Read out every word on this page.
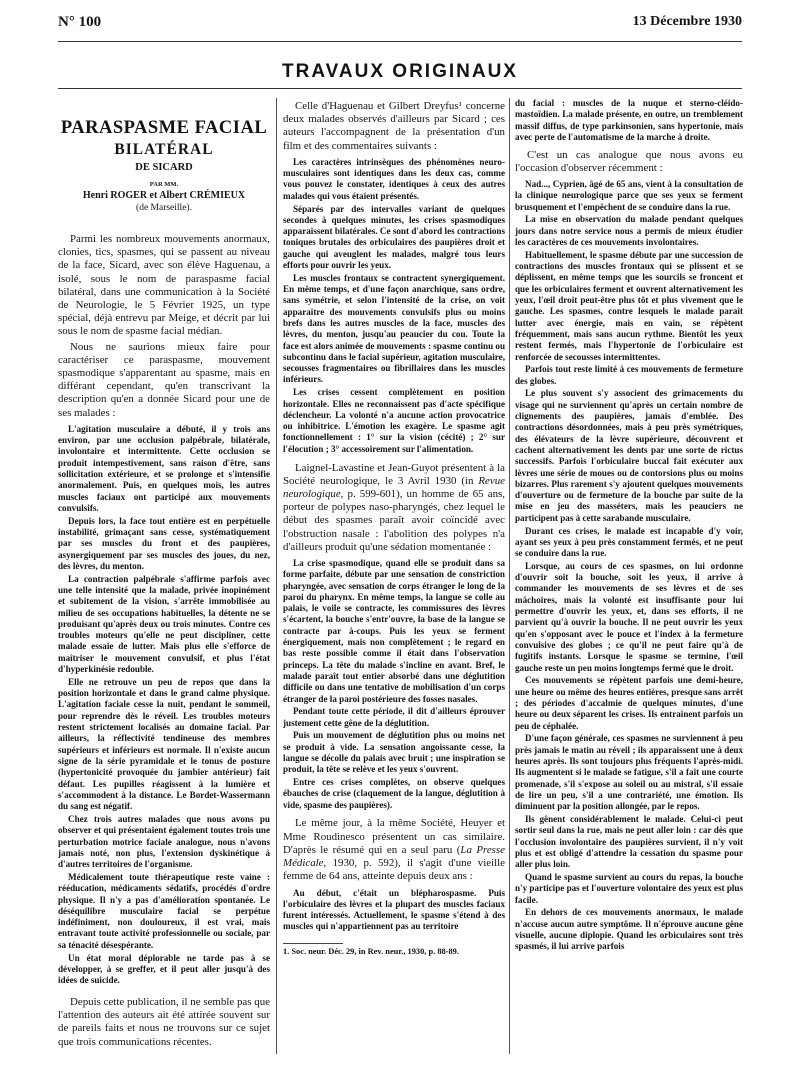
N° 100	13 Décembre 1930
TRAVAUX ORIGINAUX
PARASPASME FACIAL
BILATÉRAL
DE SICARD
PAR MM.
Henri ROGER et Albert CRÉMIEUX
(de Marseille).

Parmi les nombreux mouvements anormaux, clonies, tics, spasmes, qui se passent au niveau de la face, Sicard, avec son élève Haguenau, a isolé, sous le nom de paraspasme facial bilatéral, dans une communication à la Société de Neurologie, le 5 Février 1925, un type spécial, déjà entrevu par Meige, et décrit par lui sous le nom de spasme facial médian.

Nous ne saurions mieux faire pour caractériser ce paraspasme, mouvement spasmodique s'apparentant au spasme, mais en différant cependant, qu'en transcrivant la description qu'en a donnée Sicard pour une de ses malades :

L'agitation musculaire a débuté, il y trois ans environ, par une occlusion palpébrale, bilatérale, involontaire et intermittente. Cette occlusion se produit intempestivement, sans raison d'être, sans sollicitation extérieure, et se prolonge et s'intensifie anormalement. Puis, en quelques mois, les autres muscles faciaux ont participé aux mouvements convulsifs.

Depuis lors, la face tout entière est en perpétuelle instabilité, grimaçant sans cesse, systématiquement par ses muscles du front et des paupières, asynergiquement par ses muscles des joues, du nez, des lèvres, du menton.

La contraction palpébrale s'affirme parfois avec une telle intensité que la malade, privée inopinément et subitement de la vision, s'arrête immobilisée au milieu de ses occupations habituelles, la détente ne se produisant qu'après deux ou trois minutes. Contre ces troubles moteurs qu'elle ne peut discipliner, cette malade essaie de lutter. Mais plus elle s'efforce de maîtriser le mouvement convulsif, et plus l'état d'hyperkinésie redouble.

Elle ne retrouve un peu de repos que dans la position horizontale et dans le grand calme physique. L'agitation faciale cesse la nuit, pendant le sommeil, pour reprendre dès le réveil. Les troubles moteurs restent strictement localisés au domaine facial. Par ailleurs, la réflectivité tendineuse des membres supérieurs et inférieurs est normale. Il n'existe aucun signe de la série pyramidale et le tonus de posture (hypertonicité provoquée du jambier antérieur) fait défaut. Les pupilles réagissent à la lumière et s'accommodent à la distance. Le Bordet-Wassermann du sang est négatif.

Chez trois autres malades que nous avons pu observer et qui présentaient également toutes trois une perturbation motrice faciale analogue, nous n'avons jamais noté, non plus, l'extension dyskinétique à d'autres territoires de l'organisme.

Médicalement toute thérapeutique reste vaine : rééducation, médicaments sédatifs, procédés d'ordre physique. Il n'y a pas d'amélioration spontanée. Le déséquilibre musculaire facial se perpétue indéfiniment, non douloureux, il est vrai, mais entravant toute activité professionnelle ou sociale, par sa ténacité désespérante.

Un état moral déplorable ne tarde pas à se développer, à se greffer, et il peut aller jusqu'à des idées de suicide.

Depuis cette publication, il ne semble pas que l'attention des auteurs ait été attirée souvent sur de pareils faits et nous ne trouvons sur ce sujet que trois communications récentes.

Celle d'Haguenau et Gilbert Dreyfus¹ concerne deux malades observés d'ailleurs par Sicard ; ces auteurs l'accompagnent de la présentation d'un film et des commentaires suivants :

Les caractères intrinsèques des phénomènes neuro-musculaires sont identiques dans les deux cas, comme vous pouvez le constater, identiques à ceux des autres malades qui vous étaient présentés.

Séparés par des intervalles variant de quelques secondes à quelques minutes, les crises spasmodiques apparaissent bilatérales. Ce sont d'abord les contractions toniques brutales des orbiculaires des paupières droit et gauche qui aveuglent les malades, malgré tous leurs efforts pour ouvrir les yeux.

Les muscles frontaux se contractent synergiquement. En même temps, et d'une façon anarchique, sans ordre, sans symétrie, et selon l'intensité de la crise, on voit apparaître des mouvements convulsifs plus ou moins brefs dans les autres muscles de la face, muscles des lèvres, du menton, jusqu'au peaucier du cou. Toute la face est alors animée de mouvements : spasme continu ou subcontinu dans le facial supérieur, agitation musculaire, secousses fragmentaires ou fibrillaires dans les muscles inférieurs.

Les crises cessent complètement en position horizontale. Elles ne reconnaissent pas d'acte spécifique déclencheur. La volonté n'a aucune action provocatrice ou inhibitrice. L'émotion les exagère. Le spasme agit fonctionnellement : 1° sur la vision (cécité) ; 2° sur l'élocution ; 3° accessoirement sur l'alimentation.

Laignel-Lavastine et Jean-Guyot présentent à la Société neurologique, le 3 Avril 1930 (in Revue neurologique, p. 599-601), un homme de 65 ans, porteur de polypes naso-pharyngés, chez lequel le début des spasmes paraît avoir coïncidé avec l'obstruction nasale : l'abolition des polypes n'a d'ailleurs produit qu'une sédation momentanée :

La crise spasmodique, quand elle se produit dans sa forme parfaite, débute par une sensation de constriction pharyngée, avec sensation de corps étranger le long de la paroi du pharynx. En même temps, la langue se colle au palais, le voile se contracte, les commissures des lèvres s'écartent, la bouche s'entr'ouvre, la base de la langue se contracte par à-coups. Puis les yeux se ferment énergiquement, mais non complètement ; le regard en bas reste possible comme il était dans l'observation princeps. La tête du malade s'incline en avant. Bref, le malade paraît tout entier absorbé dans une déglutition difficile ou dans une tentative de mobilisation d'un corps étranger de la paroi postérieure des fosses nasales.

Pendant toute cette période, il dit d'ailleurs éprouver justement cette gêne de la déglutition.

Puis un mouvement de déglutition plus ou moins net se produit à vide. La sensation angoissante cesse, la langue se décolle du palais avec bruit ; une inspiration se produit, la tête se relève et les yeux s'ouvrent.

Entre ces crises complètes, on observe quelques ébauches de crise (claquement de la langue, déglutition à vide, spasme des paupières).

Le même jour, à la même Société, Heuyer et Mme Roudinesco présentent un cas similaire. D'après le résumé qui en a seul paru (La Presse Médicale, 1930, p. 592), il s'agit d'une vieille femme de 64 ans, atteinte depuis deux ans :

Au début, c'était un blépharospasme. Puis l'orbiculaire des lèvres et la plupart des muscles faciaux furent intéressés. Actuellement, le spasme s'étend à des muscles qui n'appartiennent pas au territoire

1. Soc. neur. Déc. 29, in Rev. neur., 1930, p. 88-89.

du facial : muscles de la nuque et sterno-cléido-mastoïdien. La malade présente, en outre, un tremblement massif diffus, de type parkinsonien, sans hypertonie, mais avec perte de l'automatisme de la marche à droite.

C'est un cas analogue que nous avons eu l'occasion d'observer récemment :

Nad..., Cyprien, âgé de 65 ans, vient à la consultation de la clinique neurologique parce que ses yeux se ferment brusquement et l'empêchent de se conduire dans la rue.

La mise en observation du malade pendant quelques jours dans notre service nous a permis de mieux étudier les caractères de ces mouvements involontaires.

Habituellement, le spasme débute par une succession de contractions des muscles frontaux qui se plissent et se déplissent, en même temps que les sourcils se froncent et que les orbiculaires ferment et ouvrent alternativement les yeux, l'œil droit peut-être plus tôt et plus vivement que le gauche. Les spasmes, contre lesquels le malade paraît lutter avec énergie, mais en vain, se répètent fréquemment, mais sans aucun rythme. Bientôt les yeux restent fermés, mais l'hypertonie de l'orbiculaire est renforcée de secousses intermittentes.

Parfois tout reste limité à ces mouvements de fermeture des globes.

Le plus souvent s'y associent des grimacements du visage qui ne surviennent qu'après un certain nombre de clignements des paupières, jamais d'emblée. Des contractions désordonnées, mais à peu près symétriques, des élévateurs de la lèvre supérieure, découvrent et cachent alternativement les dents par une sorte de rictus successifs. Parfois l'orbiculaire buccal fait exécuter aux lèvres une série de moues ou de contorsions plus ou moins bizarres. Plus rarement s'y ajoutent quelques mouvements d'ouverture ou de fermeture de la bouche par suite de la mise en jeu des masséters, mais les peauciers ne participent pas à cette sarabande musculaire.

Durant ces crises, le malade est incapable d'y voir, ayant ses yeux à peu près constamment fermés, et ne peut se conduire dans la rue.

Lorsque, au cours de ces spasmes, on lui ordonne d'ouvrir soit la bouche, soit les yeux, il arrive à commander les mouvements de ses lèvres et de ses mâchoires, mais la volonté est insuffisante pour lui permettre d'ouvrir les yeux, et, dans ses efforts, il ne parvient qu'à ouvrir la bouche. Il ne peut ouvrir les yeux qu'en s'opposant avec le pouce et l'index à la fermeture convulsive des globes ; ce qu'il ne peut faire qu'à de fugitifs instants. Lorsque le spasme se termine, l'œil gauche reste un peu moins longtemps fermé que le droit.

Ces mouvements se répètent parfois une demi-heure, une heure ou même des heures entières, presque sans arrêt ; des périodes d'accalmie de quelques minutes, d'une heure ou deux séparent les crises. Ils entraînent parfois un peu de céphalée.

D'une façon générale, ces spasmes ne surviennent à peu près jamais le matin au réveil ; ils apparaissent une à deux heures après. Ils sont toujours plus fréquents l'après-midi. Ils augmentent si le malade se fatigue, s'il a fait une courte promenade, s'il s'expose au soleil ou au mistral, s'il essaie de lire un peu, s'il a une contrariété, une émotion. Ils diminuent par la position allongée, par le repos.

Ils gênent considérablement le malade. Celui-ci peut sortir seul dans la rue, mais ne peut aller loin : car dès que l'occlusion involontaire des paupières survient, il n'y voit plus et est obligé d'attendre la cessation du spasme pour aller plus loin.

Quand le spasme survient au cours du repas, la bouche n'y participe pas et l'ouverture volontaire des yeux est plus facile.

En dehors de ces mouvements anormaux, le malade n'accuse aucun autre symptôme. Il n'éprouve aucune gêne visuelle, aucune diplopie. Quand les orbiculaires sont très spasmés, il lui arrive parfois
